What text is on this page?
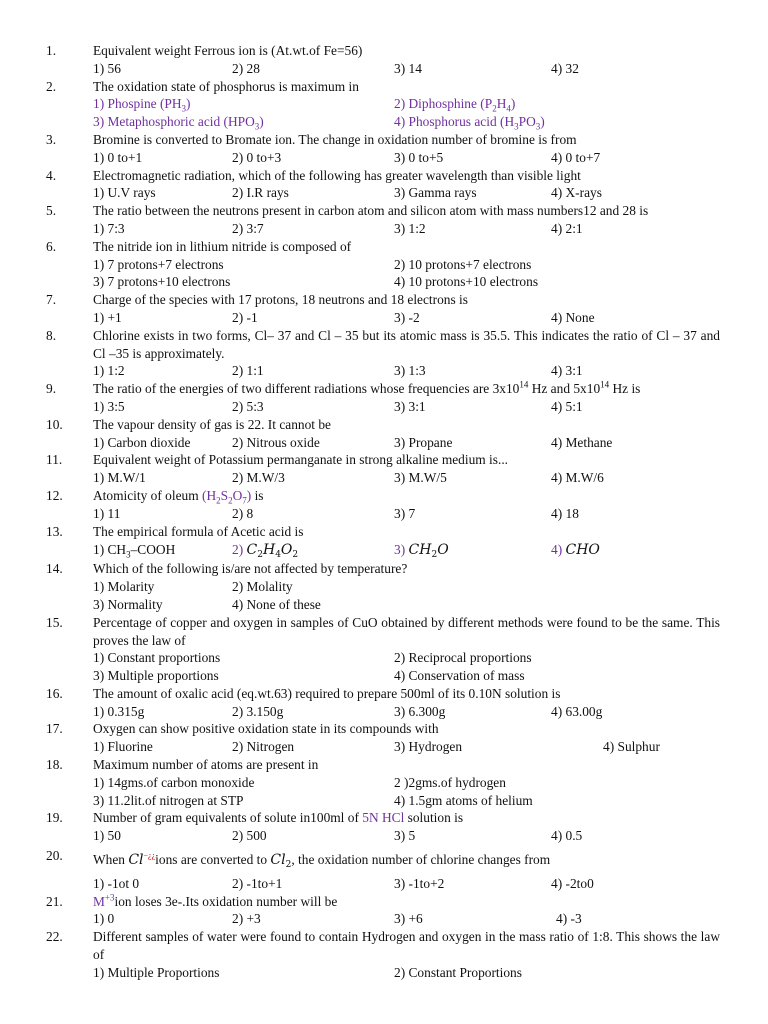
1.	Equivalent weight Ferrous ion is (At.wt.of Fe=56)
1) 56	2) 28	3) 14	4) 32
2.	The oxidation state of phosphorus is maximum in
1) Phospine $(PH_3)$	2) Diphosphine $(P_2H_4)$
3) Metaphosphoric acid $(HPO_3)$	4) Phosphorus acid $(H_3PO_3)$
3.	Bromine is converted to Bromate ion. The change in oxidation number of bromine is from
1) 0 to+1	2) 0 to+3	3) 0 to+5	4) 0 to+7
4.	Electromagnetic radiation, which of the following has greater wavelength than visible light
1) U.V rays	2) I.R rays	3) Gamma rays	4) X-rays
5.	The ratio between the neutrons present in carbon atom and silicon atom with mass numbers12 and 28 is
1) 7:3	2) 3:7	3) 1:2	4) 2:1
6.	The nitride ion in lithium nitride is composed of
1) 7 protons+7 electrons	2) 10 protons+7 electrons
3) 7 protons+10 electrons	4) 10 protons+10 electrons
7.	Charge of the species with 17 protons, 18 neutrons and 18 electrons is
1) +1	2) -1	3) -2	4) None
8.	Chlorine exists in two forms, Cl– 37 and Cl – 35 but its atomic mass is 35.5. This indicates the ratio of Cl – 37 and Cl –35 is approximately.
1) 1:2	2) 1:1	3) 1:3	4) 3:1
9.	The ratio of the energies of two different radiations whose frequencies are $3x10^{14}$ Hz and $5x10^{14}$ Hz is
1) 3:5	2) 5:3	3) 3:1	4) 5:1
10. The vapour density of gas is 22. It cannot be
1) Carbon dioxide	2) Nitrous oxide	3) Propane	4) Methane
11. Equivalent weight of Potassium permanganate in strong alkaline medium is...
1) M.W/1	2) M.W/3	3) M.W/5	4) M.W/6
12. Atomicity of oleum $(H_2S_2O_7)$ is
1) 11	2) 8	3) 7	4) 18
13. The empirical formula of Acetic acid is
1) $CH_3$–COOH	2) $C_2H_4O_2$	3) $CH_2O$	4) CHO
14. Which of the following is/are not affected by temperature?
1) Molarity	2) Molality
3) Normality	4) None of these
15. Percentage of copper and oxygen in samples of CuO obtained by different methods were found to be the same. This proves the law of
1) Constant proportions	2) Reciprocal proportions
3) Multiple proportions	4) Conservation of mass
16. The amount of oxalic acid (eq.wt.63) required to prepare 500ml of its 0.10N solution is
1) 0.315g	2) 3.150g	3) 6.300g	4) 63.00g
17. Oxygen can show positive oxidation state in its compounds with
1) Fluorine	2) Nitrogen	3) Hydrogen	4) Sulphur
18. Maximum number of atoms are present in
1) 14gms.of carbon monoxide	2 )2gms.of hydrogen
3) 11.2lit.of nitrogen at STP	4) 1.5gm atoms of helium
19. Number of gram equivalents of solute in100ml of 5N HCl solution is
1) 50	2) 500	3) 5	4) 0.5
20. When Cl−¿¿ions are converted to $Cl_2$, the oxidation number of chlorine changes from
1) -1ot 0	2) -1to+1	3) -1to+2	4) -2to0
21. $M^{+3}ion$ loses 3e-.Its oxidation number will be
1) 0	2) +3	3) +6	4) -3
22. Different samples of water were found to contain Hydrogen and oxygen in the mass ratio of 1:8. This shows the law of
1) Multiple Proportions	2) Constant Proportions
